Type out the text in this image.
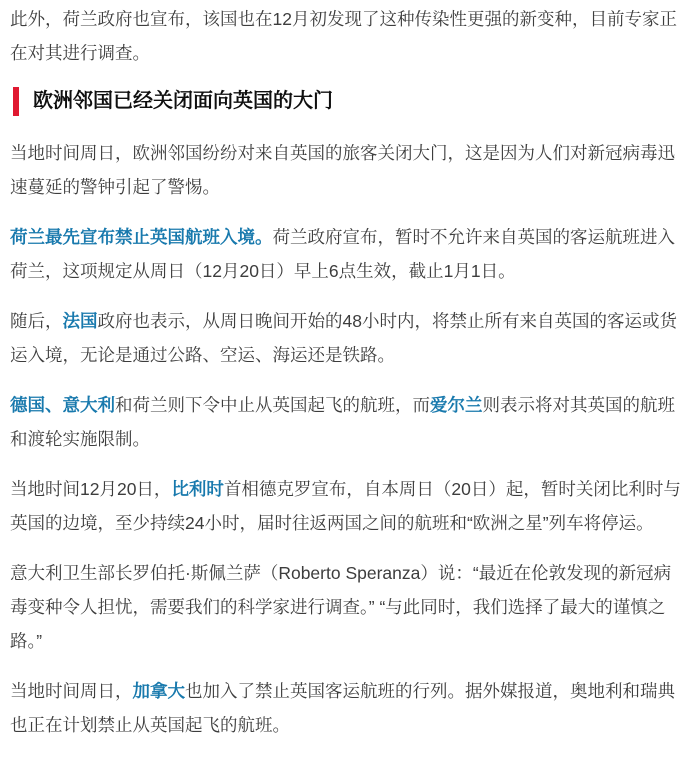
此外，荷兰政府也宣布，该国也在12月初发现了这种传染性更强的新变种，目前专家正在对其进行调查。

欧洲邻国已经关闭面向英国的大门

当地时间周日，欧洲邻国纷纷对来自英国的旅客关闭大门，这是因为人们对新冠病毒迅速蔓延的警钟引起了警惕。

荷兰最先宣布禁止英国航班入境。荷兰政府宣布，暂时不允许来自英国的客运航班进入荷兰，这项规定从周日（12月20日）早上6点生效，截止1月1日。

随后，法国政府也表示，从周日晚间开始的48小时内，将禁止所有来自英国的客运或货运入境，无论是通过公路、空运、海运还是铁路。

德国、意大利和荷兰则下令中止从英国起飞的航班，而爱尔兰则表示将对其英国的航班和渡轮实施限制。

当地时间12月20日，比利时首相德克罗宣布，自本周日（20日）起，暂时关闭比利时与英国的边境，至少持续24小时，届时往返两国之间的航班和“欧洲之星”列车将停运。

意大利卫生部长罗伯托·斯佩兰萨（Roberto Speranza）说：“最近在伦敦发现的新冠病毒变种令人担忧，需要我们的科学家进行调查。” “与此同时，我们选择了最大的谨慎之路。”

当地时间周日，加拿大也加入了禁止英国客运航班的行列。据外媒报道，奥地利和瑞典也正在计划禁止从英国起飞的航班。
